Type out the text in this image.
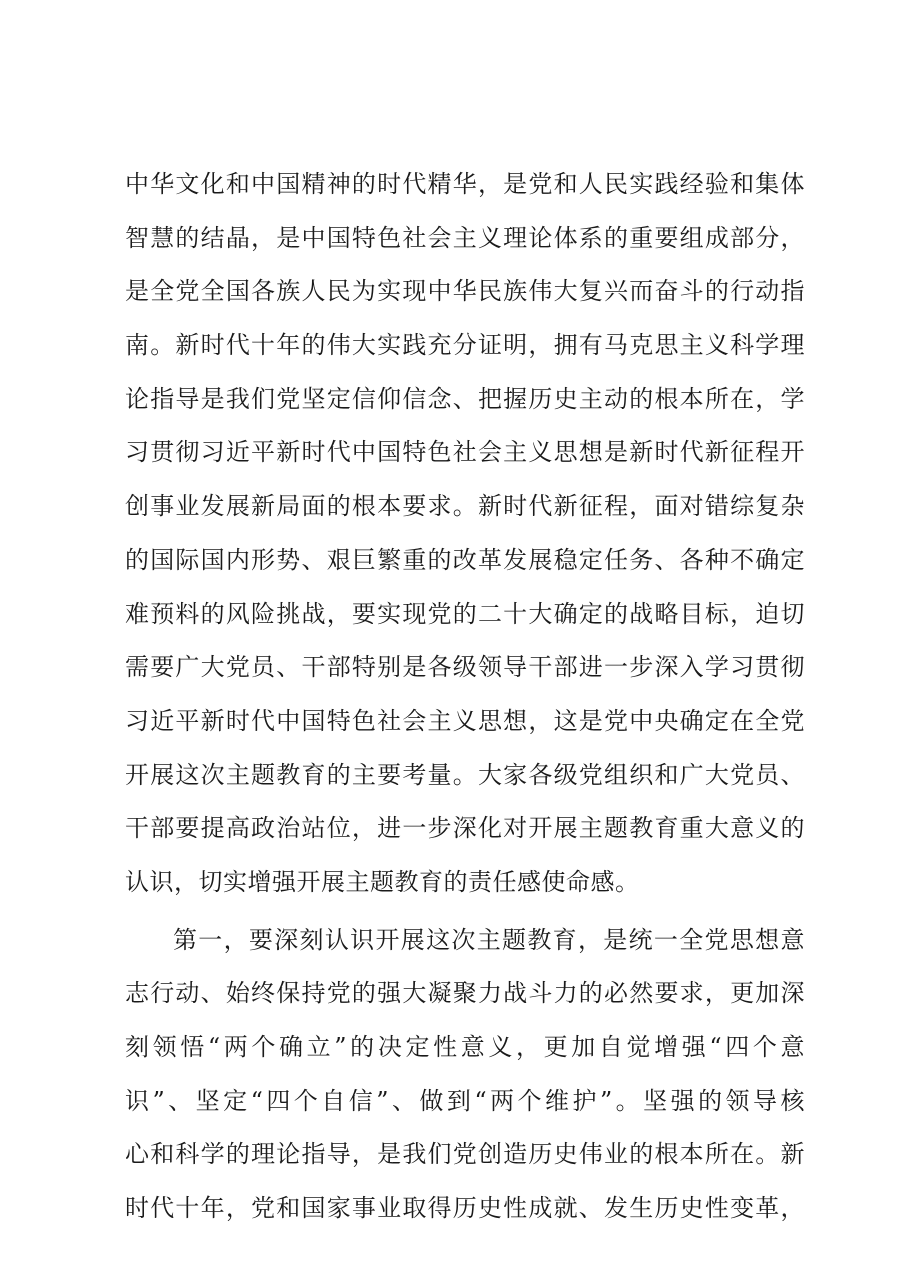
中华文化和中国精神的时代精华，是党和人民实践经验和集体
智慧的结晶，是中国特色社会主义理论体系的重要组成部分，
是全党全国各族人民为实现中华民族伟大复兴而奋斗的行动指
南。新时代十年的伟大实践充分证明，拥有马克思主义科学理
论指导是我们党坚定信仰信念、把握历史主动的根本所在，学
习贯彻习近平新时代中国特色社会主义思想是新时代新征程开
创事业发展新局面的根本要求。新时代新征程，面对错综复杂
的国际国内形势、艰巨繁重的改革发展稳定任务、各种不确定
难预料的风险挑战，要实现党的二十大确定的战略目标，迫切
需要广大党员、干部特别是各级领导干部进一步深入学习贯彻
习近平新时代中国特色社会主义思想，这是党中央确定在全党
开展这次主题教育的主要考量。大家各级党组织和广大党员、
干部要提高政治站位，进一步深化对开展主题教育重大意义的
认识，切实增强开展主题教育的责任感使命感。
第一，要深刻认识开展这次主题教育，是统一全党思想意
志行动、始终保持党的强大凝聚力战斗力的必然要求，更加深
刻领悟“两个确立”的决定性意义，更加自觉增强“四个意
识”、坚定“四个自信”、做到“两个维护”。坚强的领导核
心和科学的理论指导，是我们党创造历史伟业的根本所在。新
时代十年，党和国家事业取得历史性成就、发生历史性变革，
